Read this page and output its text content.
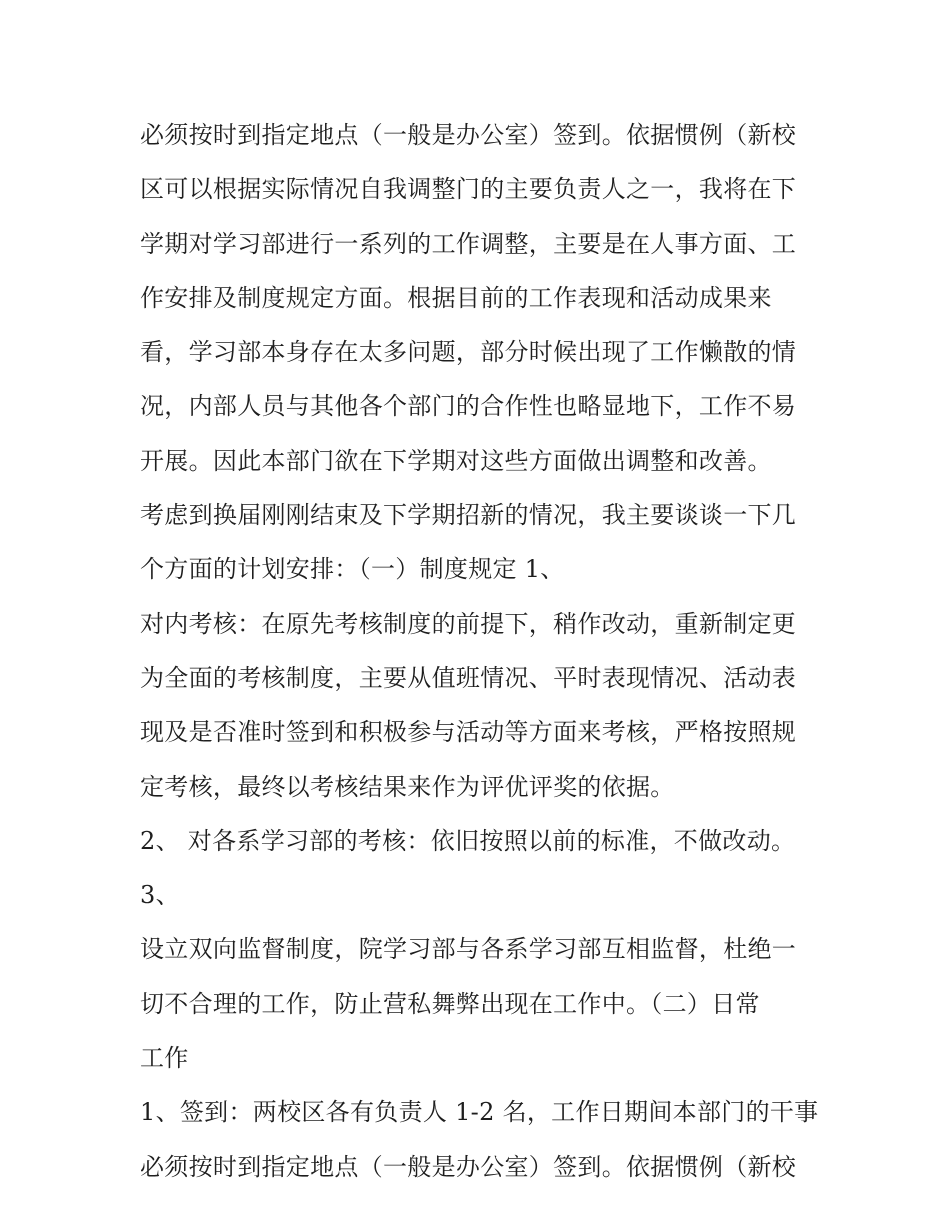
必须按时到指定地点（一般是办公室）签到。依据惯例（新校
区可以根据实际情况自我调整门的主要负责人之一，我将在下
学期对学习部进行一系列的工作调整，主要是在人事方面、工
作安排及制度规定方面。根据目前的工作表现和活动成果来
看，学习部本身存在太多问题，部分时候出现了工作懒散的情
况，内部人员与其他各个部门的合作性也略显地下，工作不易
开展。因此本部门欲在下学期对这些方面做出调整和改善。
考虑到换届刚刚结束及下学期招新的情况，我主要谈谈一下几
个方面的计划安排：（一）制度规定 1、
对内考核：在原先考核制度的前提下，稍作改动，重新制定更
为全面的考核制度，主要从值班情况、平时表现情况、活动表
现及是否准时签到和积极参与活动等方面来考核，严格按照规
定考核，最终以考核结果来作为评优评奖的依据。
2、 对各系学习部的考核：依旧按照以前的标准，不做改动。
3、
设立双向监督制度，院学习部与各系学习部互相监督，杜绝一
切不合理的工作，防止营私舞弊出现在工作中。（二）日常
工作
1、签到：两校区各有负责人 1-2 名，工作日期间本部门的干事
必须按时到指定地点（一般是办公室）签到。依据惯例（新校
